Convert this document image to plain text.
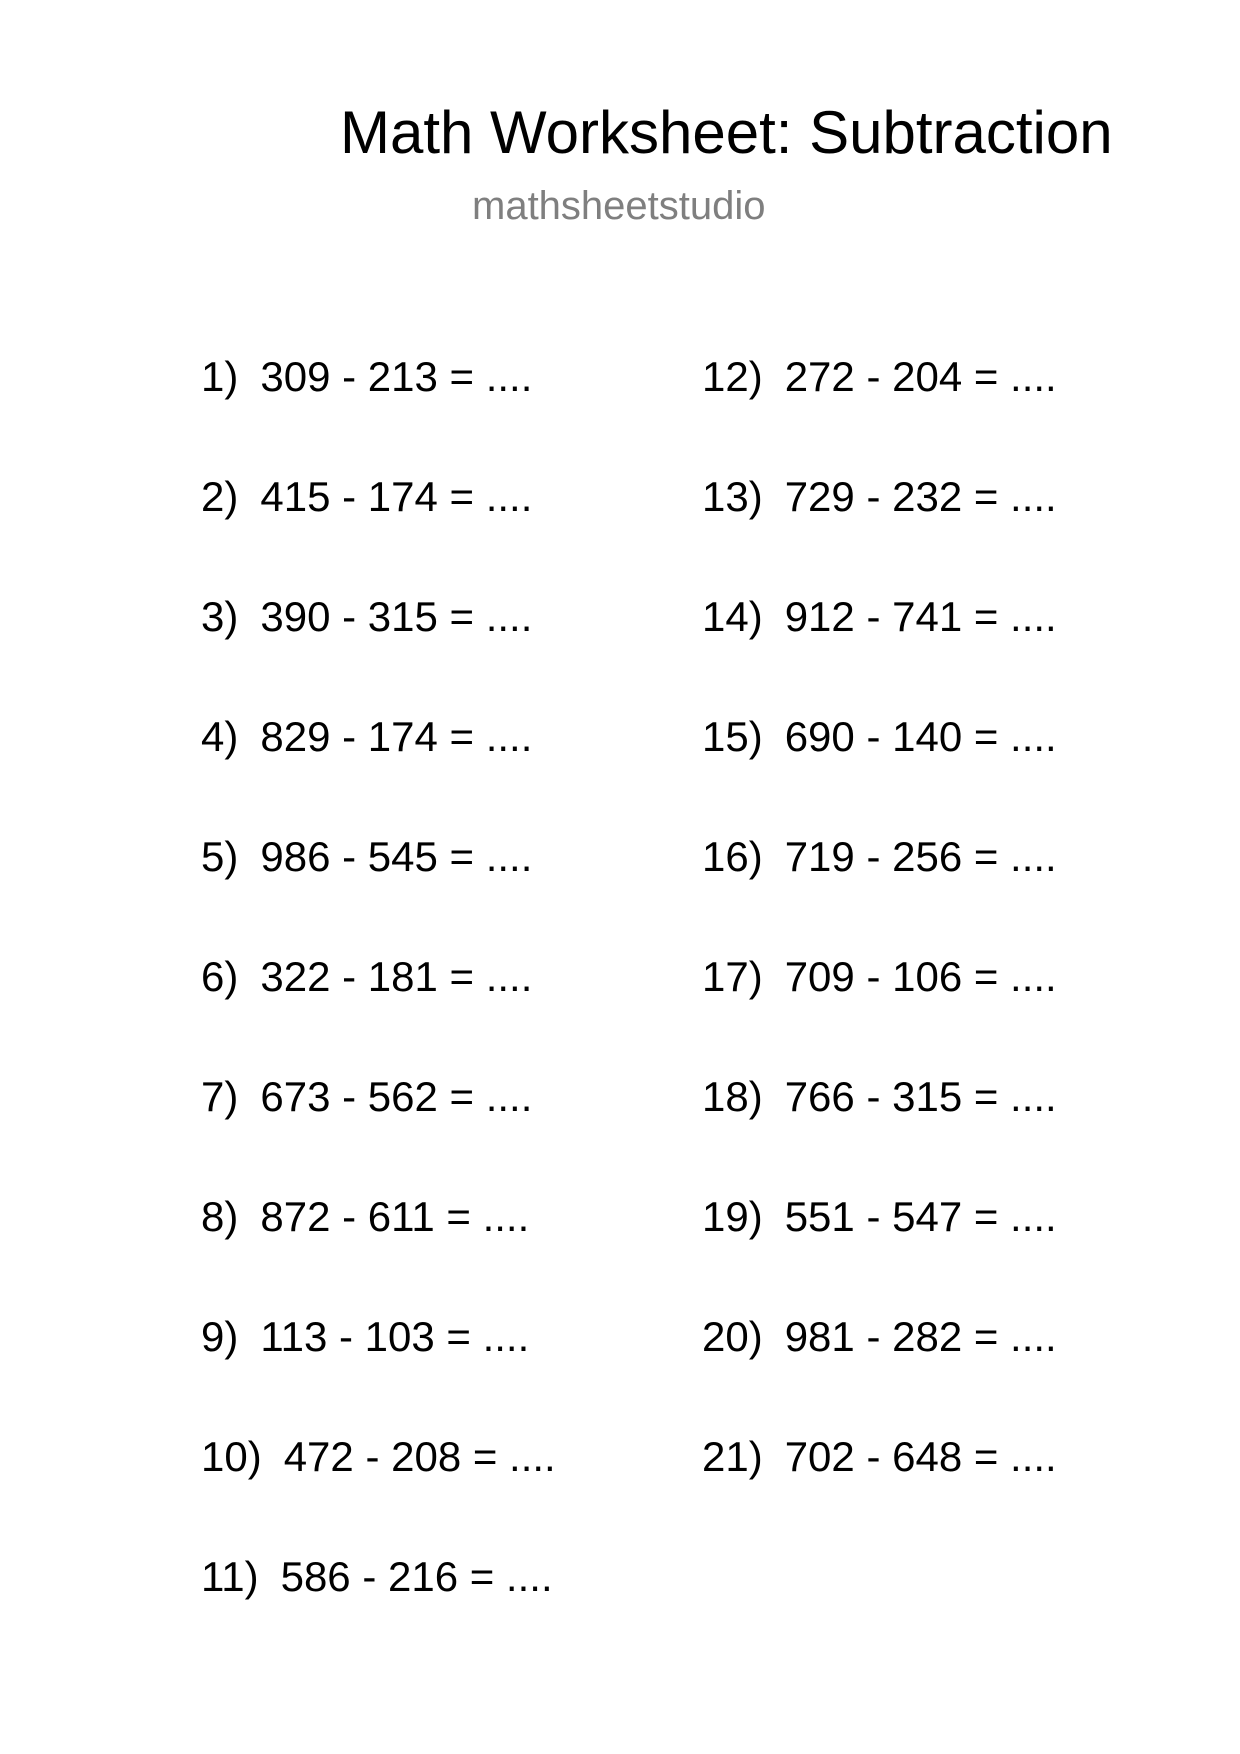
Math Worksheet: Subtraction
mathsheetstudio
1) 309 - 213 = ....
2) 415 - 174 = ....
3) 390 - 315 = ....
4) 829 - 174 = ....
5) 986 - 545 = ....
6) 322 - 181 = ....
7) 673 - 562 = ....
8) 872 - 611 = ....
9) 113 - 103 = ....
10) 472 - 208 = ....
11) 586 - 216 = ....
12) 272 - 204 = ....
13) 729 - 232 = ....
14) 912 - 741 = ....
15) 690 - 140 = ....
16) 719 - 256 = ....
17) 709 - 106 = ....
18) 766 - 315 = ....
19) 551 - 547 = ....
20) 981 - 282 = ....
21) 702 - 648 = ....
